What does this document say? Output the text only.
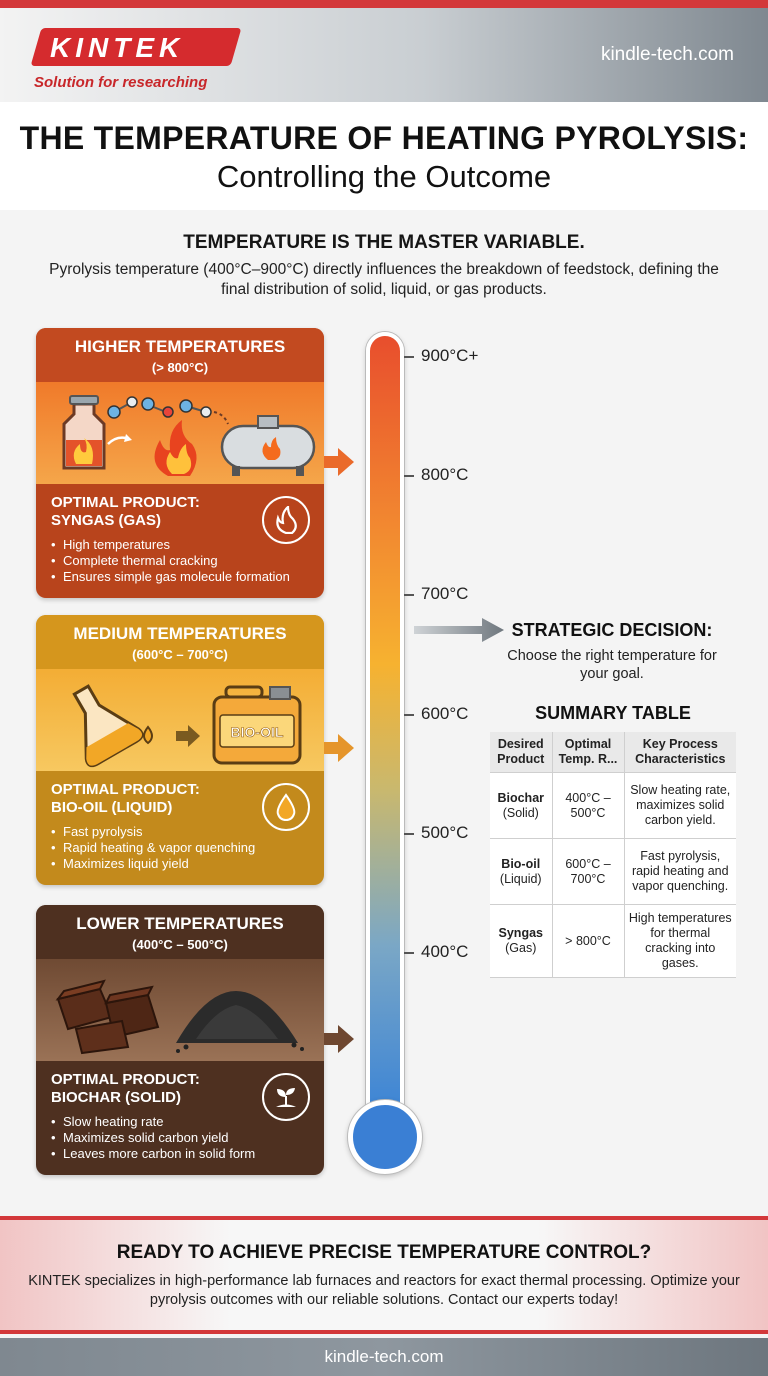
KINTEK
Solution for researching
kindle-tech.com
THE TEMPERATURE OF HEATING PYROLYSIS:
Controlling the Outcome
TEMPERATURE IS THE MASTER VARIABLE.

Pyrolysis temperature (400°C–900°C) directly influences the breakdown of feedstock, defining the final distribution of solid, liquid, or gas products.

HIGHER TEMPERATURES
(> 800°C)
OPTIMAL PRODUCT:
SYNGAS (GAS)
• High temperatures
• Complete thermal cracking
• Ensures simple gas molecule formation
MEDIUM TEMPERATURES
(600°C – 700°C)
BIO-OIL
OPTIMAL PRODUCT:
BIO-OIL (LIQUID)
• Fast pyrolysis
• Rapid heating & vapor quenching
• Maximizes liquid yield
LOWER TEMPERATURES
(400°C – 500°C)
OPTIMAL PRODUCT:
BIOCHAR (SOLID)
• Slow heating rate
• Maximizes solid carbon yield
• Leaves more carbon in solid form
900°C+
800°C
700°C
600°C
500°C
400°C
STRATEGIC DECISION:

Choose the right temperature for your goal.

SUMMARY TABLE
Desired Product	Optimal Temp. R...	Key Process Characteristics

Biochar
(Solid)	400°C – 500°C	Slow heating rate, maximizes solid carbon yield.

Bio-oil
(Liquid)	600°C – 700°C	Fast pyrolysis, rapid heating and vapor quenching.

Syngas
(Gas)	> 800°C	High temperatures for thermal cracking into gases.
READY TO ACHIEVE PRECISE TEMPERATURE CONTROL?

KINTEK specializes in high-performance lab furnaces and reactors for exact thermal processing. Optimize your pyrolysis outcomes with our reliable solutions. Contact our experts today!

kindle-tech.com
